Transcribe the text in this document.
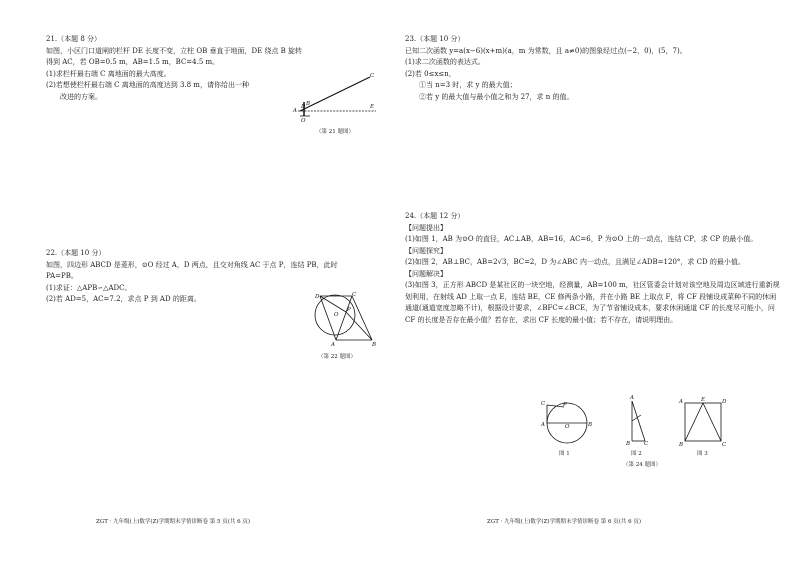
21.（本题 8 分）

如图，小区门口道闸的栏杆 DE 长度不变，立柱 OB 垂直于地面，DE 绕点 B 旋转得到 AC，若 OB=0.5 m，AB=1.5 m，BC=4.5 m。

(1)求栏杆最右端 C 离地面的最大高度。

(2)若想使栏杆最右端 C 离地面的高度达到 3.8 m，请你给出一种

改进的方案。

C
A
B
D	E
O
（第 21 题图）
22.（本题 10 分）

如图，四边形 ABCD 是菱形，⊙O 经过 A，D 两点，且交对角线 AC 于点 P，连结 PB，此时 PA=PB。

(1)求证：△APB∽△ADC。

(2)若 AD=5，AC=7.2，求点 P 到 AD 的距离。	D	C
O
P
A	B
（第 22 题图）
ZGT · 九年级(上)数学(Z)学期期末学情诊断卷 第 5 页(共 6 页)
23.（本题 10 分）

已知二次函数 y=a(x−6)(x+m)(a，m 为常数，且 a≠0)的图象经过点(−2，0)，(5，7)。

(1)求二次函数的表达式。

(2)若 0≤x≤n，

①当 n=3 时，求 y 的最大值；

②若 y 的最大值与最小值之和为 27，求 n 的值。

24.（本题 12 分）

【问题提出】

(1)如图 1，AB 为⊙O 的直径，AC⊥AB，AB=16，AC=6，P 为⊙O 上的一动点，连结 CP，求 CP 的最小值。

【问题探究】

(2)如图 2，AB⊥BC，AB=2√3，BC=2，D 为∠ABC 内一动点，且满足∠ADB=120°，求 CD 的最小值。

【问题解决】

(3)如图 3，正方形 ABCD 是某社区的一块空地，经测量，AB=100 m，社区管委会计划对该空地及周边区域进行重新规划利用，在射线 AD 上取一点 E，连结 BE，CE 修两条小路，并在小路 BE 上取点 F，将 CF 段铺设成菜种不同的休闲通道(通道宽度忽略不计)，根据设计要求，∠BFC=∠BCE，为了节省铺设成本，要求休闲通道 CF 的长度尽可能小，问 CF 的长度是否存在最小值？若存在，求出 CF 长度的最小值；若不存在，请说明理由。

C	P
A	O	B
图 1
A
B	C
图 2
A	E	D
B	C
图 3
（第 24 题图）
ZGT · 九年级(上)数学(Z)学期期末学情诊断卷 第 6 页(共 6 页)
